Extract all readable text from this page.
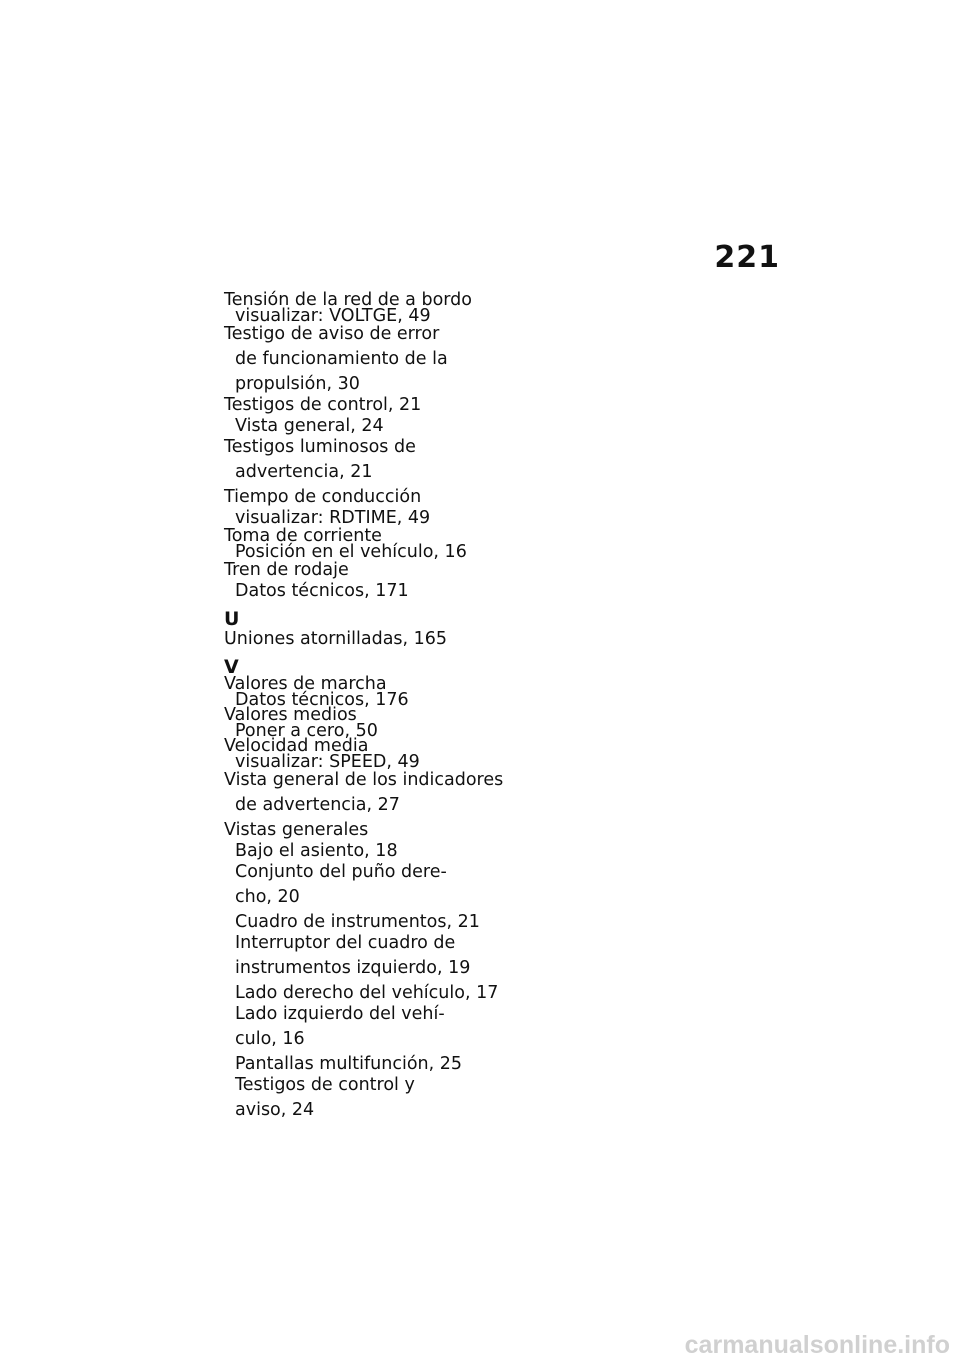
221
Tensión de la red de a bordo
visualizar: VOLTGE, 49
Testigo de aviso de error
de funcionamiento de la
propulsión, 30
Testigos de control, 21
Vista general, 24
Testigos luminosos de
advertencia, 21
Tiempo de conducción
visualizar: RDTIME, 49
Toma de corriente
Posición en el vehículo, 16
Tren de rodaje
Datos técnicos, 171
U
Uniones atornilladas, 165
V
Valores de marcha
Datos técnicos, 176
Valores medios
Poner a cero, 50
Velocidad media
visualizar: SPEED, 49
Vista general de los indicadores
de advertencia, 27
Vistas generales
Bajo el asiento, 18
Conjunto del puño dere-
cho, 20
Cuadro de instrumentos, 21
Interruptor del cuadro de
instrumentos izquierdo, 19
Lado derecho del vehículo, 17
Lado izquierdo del vehí-
culo, 16
Pantallas multifunción, 25
Testigos de control y
aviso, 24
carmanualsonline.info
